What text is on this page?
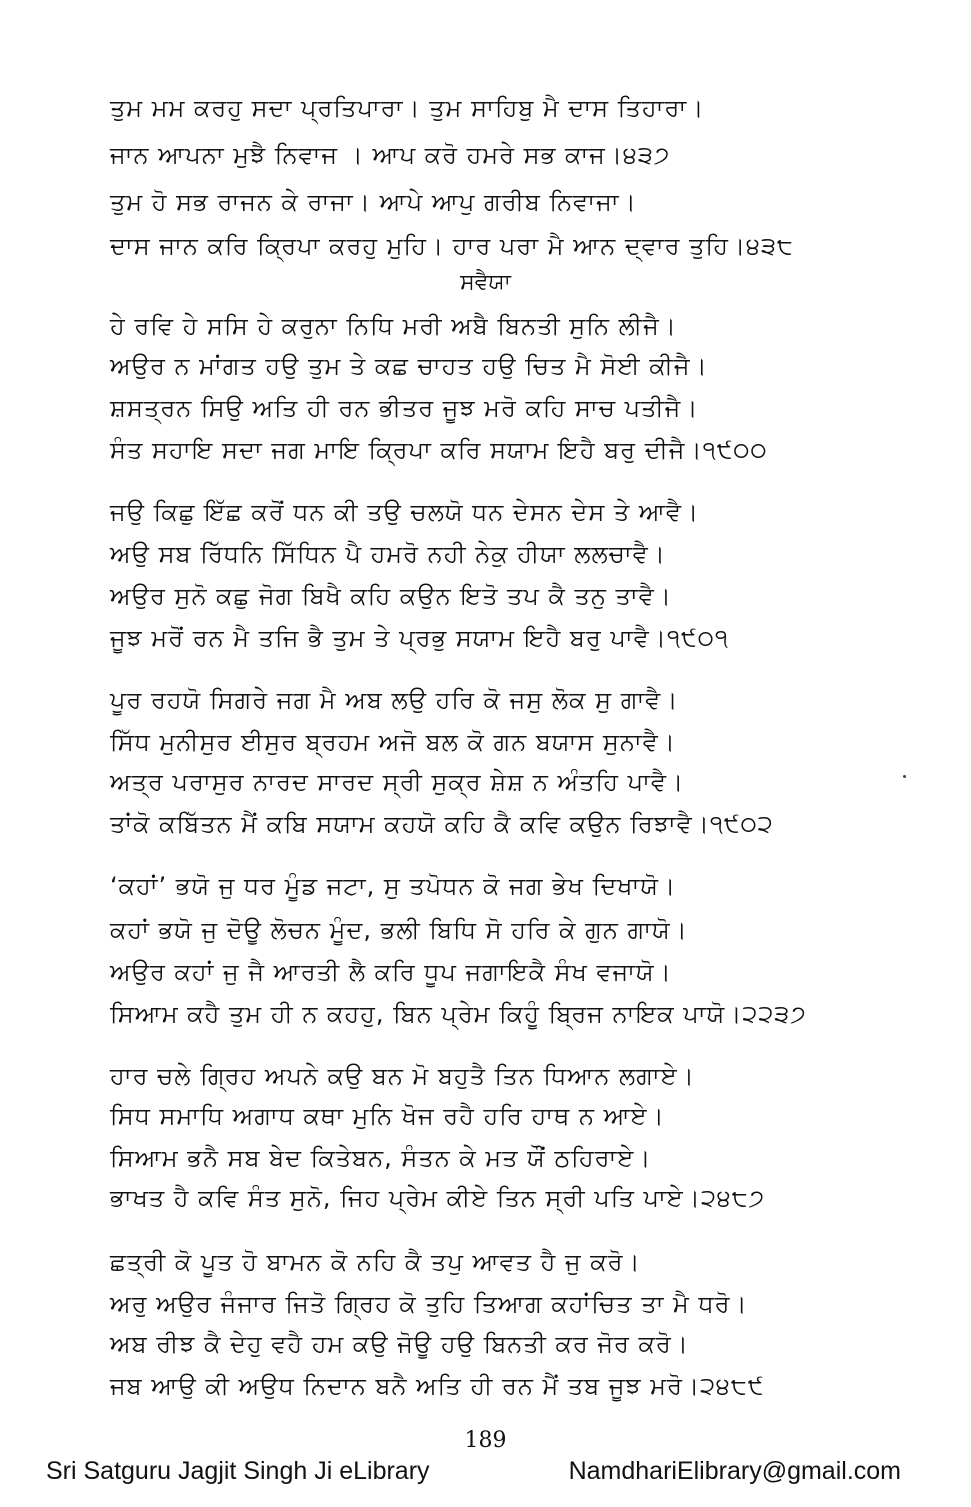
ਤੁਮ ਮਮ ਕਰਹੁ ਸਦਾ ਪ੍ਰਤਿਪਾਰਾ। ਤੁਮ ਸਾਹਿਬੁ ਮੈ ਦਾਸ ਤਿਹਾਰਾ।
ਜਾਨ ਆਪਨਾ ਮੁਝੈ ਨਿਵਾਜ । ਆਪ ਕਰੋ ਹਮਰੇ ਸਭ ਕਾਜ।੪੩੭
ਤੁਮ ਹੋ ਸਭ ਰਾਜਨ ਕੇ ਰਾਜਾ। ਆਪੇ ਆਪੁ ਗਰੀਬ ਨਿਵਾਜਾ।
ਦਾਸ ਜਾਨ ਕਰਿ ਕ੍ਰਿਪਾ ਕਰਹੁ ਮੁਹਿ। ਹਾਰ ਪਰਾ ਮੈ ਆਨ ਦ੍ਵਾਰ ਤੁਹਿ।੪੩੮
ਸਵੈਯਾ
ਹੇ ਰਵਿ ਹੇ ਸਸਿ ਹੇ ਕਰੁਨਾ ਨਿਧਿ ਮਰੀ ਅਬੈ ਬਿਨਤੀ ਸੁਨਿ ਲੀਜੈ।
ਅਉਰ ਨ ਮਾਂਗਤ ਹਉ ਤੁਮ ਤੇ ਕਛ ਚਾਹਤ ਹਉ ਚਿਤ ਮੈ ਸੋਈ ਕੀਜੈ।
ਸ਼ਸਤ੍ਰਨ ਸਿਉ ਅਤਿ ਹੀ ਰਨ ਭੀਤਰ ਜੂਝ ਮਰੋ ਕਹਿ ਸਾਚ ਪਤੀਜੈ।
ਸੰਤ ਸਹਾਇ ਸਦਾ ਜਗ ਮਾਇ ਕ੍ਰਿਪਾ ਕਰਿ ਸਯਾਮ ਇਹੈ ਬਰੁ ਦੀਜੈ।੧੯੦੦
ਜਉ ਕਿਛੁ ਇੱਛ ਕਰੋਂ ਧਨ ਕੀ ਤਉ ਚਲਯੋ ਧਨ ਦੇਸਨ ਦੇਸ ਤੇ ਆਵੈ।
ਅਉ ਸਬ ਰਿੱਧਨਿ ਸਿੱਧਿਨ ਪੈ ਹਮਰੋ ਨਹੀ ਨੇਕੁ ਹੀਯਾ ਲਲਚਾਵੈ।
ਅਉਰ ਸੁਨੋ ਕਛੁ ਜੋਗ ਬਿਖੈ ਕਹਿ ਕਉਨ ਇਤੋ ਤਪ ਕੈ ਤਨੁ ਤਾਵੈ।
ਜੂਝ ਮਰੋਂ ਰਨ ਮੈ ਤਜਿ ਭੈ ਤੁਮ ਤੇ ਪ੍ਰਭੁ ਸਯਾਮ ਇਹੈ ਬਰੁ ਪਾਵੈ।੧੯੦੧
ਪੂਰ ਰਹਯੋ ਸਿਗਰੇ ਜਗ ਮੈ ਅਬ ਲਉ ਹਰਿ ਕੋ ਜਸੁ ਲੋਕ ਸੁ ਗਾਵੈ।
ਸਿੱਧ ਮੁਨੀਸੁਰ ਈਸੁਰ ਬ੍ਰਹਮ ਅਜੋ ਬਲ ਕੋ ਗਨ ਬਯਾਸ ਸੁਨਾਵੈ।
ਅਤ੍ਰ ਪਰਾਸੁਰ ਨਾਰਦ ਸਾਰਦ ਸ੍ਰੀ ਸੁਕ੍ਰ ਸ਼ੇਸ਼ ਨ ਅੰਤਹਿ ਪਾਵੈ।
ਤਾਂਕੋ ਕਬਿੱਤਨ ਮੈਂ ਕਬਿ ਸਯਾਮ ਕਹਯੋ ਕਹਿ ਕੈ ਕਵਿ ਕਉਨ ਰਿਝਾਵੈ।੧੯੦੨
‘ਕਹਾਂ’ ਭਯੋ ਜੁ ਧਰ ਮੂੰਡ ਜਟਾ, ਸੁ ਤਪੋਧਨ ਕੋ ਜਗ ਭੇਖ ਦਿਖਾਯੋ।
ਕਹਾਂ ਭਯੋ ਜੁ ਦੋਊ ਲੋਚਨ ਮੂੰਦ, ਭਲੀ ਬਿਧਿ ਸੋ ਹਰਿ ਕੇ ਗੁਨ ਗਾਯੋ।
ਅਉਰ ਕਹਾਂ ਜੁ ਜੈ ਆਰਤੀ ਲੈ ਕਰਿ ਧੂਪ ਜਗਾਇਕੈ ਸੰਖ ਵਜਾਯੋ।
ਸਿਆਮ ਕਹੈ ਤੁਮ ਹੀ ਨ ਕਹਹੁ, ਬਿਨ ਪ੍ਰੇਮ ਕਿਹੂੰ ਬ੍ਰਿਜ ਨਾਇਕ ਪਾਯੋ।੨੨੩੭
ਹਾਰ ਚਲੇ ਗ੍ਰਿਹ ਅਪਨੇ ਕਉ ਬਨ ਮੋ ਬਹੁਤੈ ਤਿਨ ਧਿਆਨ ਲਗਾਏ।
ਸਿਧ ਸਮਾਧਿ ਅਗਾਧ ਕਥਾ ਮੁਨਿ ਖੋਜ ਰਹੈ ਹਰਿ ਹਾਥ ਨ ਆਏ।
ਸਿਆਮ ਭਨੈ ਸਬ ਬੇਦ ਕਿਤੇਬਨ, ਸੰਤਨ ਕੇ ਮਤ ਯੌਂ ਠਹਿਰਾਏ।
ਭਾਖਤ ਹੈ ਕਵਿ ਸੰਤ ਸੁਨੋ, ਜਿਹ ਪ੍ਰੇਮ ਕੀਏ ਤਿਨ ਸ੍ਰੀ ਪਤਿ ਪਾਏ।੨੪੮੭
ਛਤ੍ਰੀ ਕੋ ਪੂਤ ਹੋ ਬਾਮਨ ਕੋ ਨਹਿ ਕੈ ਤਪੁ ਆਵਤ ਹੈ ਜੁ ਕਰੋ।
ਅਰੁ ਅਉਰ ਜੰਜਾਰ ਜਿਤੋ ਗ੍ਰਿਹ ਕੋ ਤੁਹਿ ਤਿਆਗ ਕਹਾਂਚਿਤ ਤਾ ਮੈ ਧਰੋ।
ਅਬ ਰੀਝ ਕੈ ਦੇਹੁ ਵਹੈ ਹਮ ਕਉ ਜੋਊ ਹਉ ਬਿਨਤੀ ਕਰ ਜੋਰ ਕਰੋ।
ਜਬ ਆਉ ਕੀ ਅਉਧ ਨਿਦਾਨ ਬਨੈ ਅਤਿ ਹੀ ਰਨ ਮੈਂ ਤਬ ਜੂਝ ਮਰੋ।੨੪੮੯
189
Sri Satguru Jagjit Singh Ji eLibrary	NamdhariElibrary@gmail.com
